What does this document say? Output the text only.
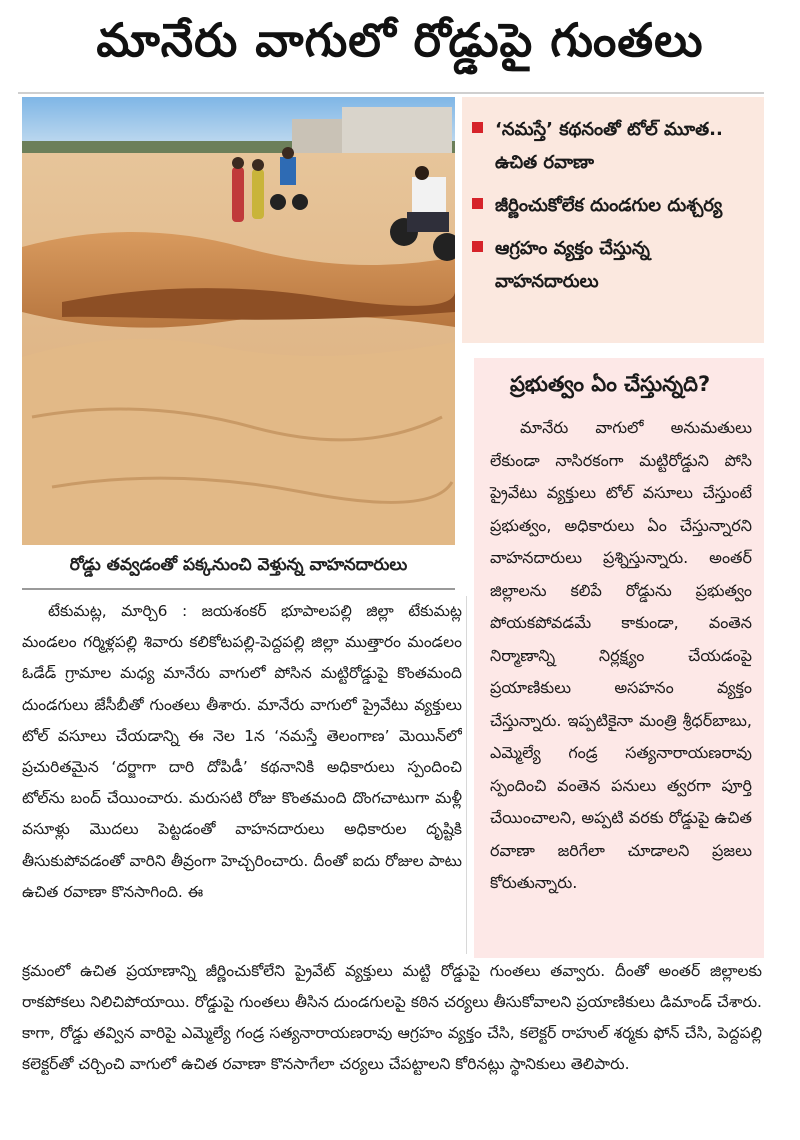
మానేరు వాగులో రోడ్డుపై గుంతలు
రోడ్డు తవ్వడంతో పక్కనుంచి వెళ్తున్న వాహనదారులు
‘నమస్తే’ కథనంతో టోల్ మూత.. ఉచిత రవాణా
జీర్ణించుకోలేక దుండగుల దుశ్చర్య
ఆగ్రహం వ్యక్తం చేస్తున్న వాహనదారులు
ప్రభుత్వం ఏం చేస్తున్నది?
మానేరు వాగులో అనుమతులు లేకుండా నాసిరకంగా మట్టిరోడ్డుని పోసి ప్రైవేటు వ్యక్తులు టోల్ వసూలు చేస్తుంటే ప్రభుత్వం, అధికారులు ఏం చేస్తున్నారని వాహనదారులు ప్రశ్నిస్తున్నారు. అంతర్ జిల్లాలను కలిపే రోడ్డును ప్రభుత్వం పోయకపోవడమే కాకుండా, వంతెన నిర్మాణాన్ని నిర్లక్ష్యం చేయడంపై ప్రయాణికులు అసహనం వ్యక్తం చేస్తున్నారు. ఇప్పటికైనా మంత్రి శ్రీధర్‌బాబు, ఎమ్మెల్యే గండ్ర సత్యనారాయణరావు స్పందించి వంతెన పనులు త్వరగా పూర్తి చేయించాలని, అప్పటి వరకు రోడ్డుపై ఉచిత రవాణా జరిగేలా చూడాలని ప్రజలు కోరుతున్నారు.
టేకుమట్ల, మార్చి6 : జయశంకర్ భూపాలపల్లి జిల్లా టేకుమట్ల మండలం గర్మిళ్లపల్లి శివారు కలికోటపల్లి-పెద్దపల్లి జిల్లా ముత్తారం మండలం ఓడేడ్ గ్రామాల మధ్య మానేరు వాగులో పోసిన మట్టిరోడ్డుపై కొంతమంది దుండగులు జేసీబీతో గుంతలు తీశారు. మానేరు వాగులో ప్రైవేటు వ్యక్తులు టోల్ వసూలు చేయడాన్ని ఈ నెల 1న ‘నమస్తే తెలంగాణ’ మెయిన్‌లో ప్రచురితమైన ‘దర్జాగా దారి దోపిడీ’ కథనానికి అధికారులు స్పందించి టోల్‌ను బంద్ చేయించారు. మరుసటి రోజు కొంతమంది దొంగచాటుగా మళ్లీ వసూళ్లు మొదలు పెట్టడంతో వాహనదారులు అధికారుల దృష్టికి తీసుకుపోవడంతో వారిని తీవ్రంగా హెచ్చరించారు. దీంతో ఐదు రోజుల పాటు ఉచిత రవాణా కొనసాగింది. ఈ
క్రమంలో ఉచిత ప్రయాణాన్ని జీర్ణించుకోలేని ప్రైవేట్ వ్యక్తులు మట్టి రోడ్డుపై గుంతలు తవ్వారు. దీంతో అంతర్ జిల్లాలకు రాకపోకలు నిలిచిపోయాయి. రోడ్డుపై గుంతలు తీసిన దుండగులపై కఠిన చర్యలు తీసుకోవాలని ప్రయాణికులు డిమాండ్ చేశారు. కాగా, రోడ్డు తవ్విన వారిపై ఎమ్మెల్యే గండ్ర సత్యనారాయణరావు ఆగ్రహం వ్యక్తం చేసి, కలెక్టర్ రాహుల్ శర్మకు ఫోన్ చేసి, పెద్దపల్లి కలెక్టర్‌తో చర్చించి వాగులో ఉచిత రవాణా కొనసాగేలా చర్యలు చేపట్టాలని కోరినట్లు స్థానికులు తెలిపారు.
